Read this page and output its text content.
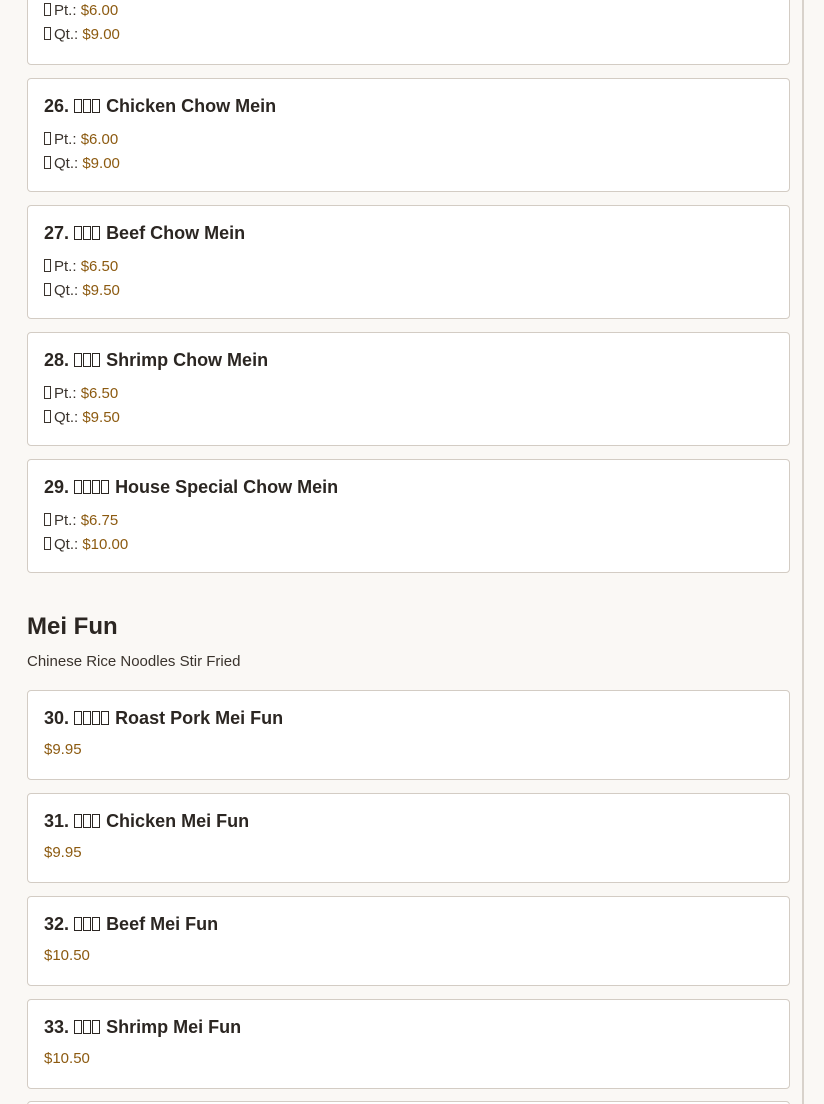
Pt.: $6.00
Qt.: $9.00
26. Chicken Chow Mein
Pt.: $6.00
Qt.: $9.00
27. Beef Chow Mein
Pt.: $6.50
Qt.: $9.50
28. Shrimp Chow Mein
Pt.: $6.50
Qt.: $9.50
29.	House Special Chow Mein
Pt.: $6.75
Qt.: $10.00
Mei Fun
Chinese Rice Noodles Stir Fried
30.	Roast Pork Mei Fun
$9.95
31. Chicken Mei Fun
$9.95
32. Beef Mei Fun
$10.50
33. Shrimp Mei Fun
$10.50
